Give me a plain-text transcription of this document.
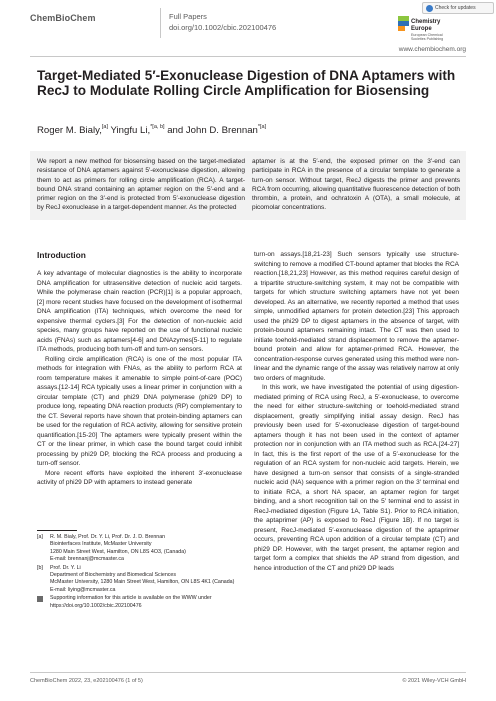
ChemBioChem	Full Papers
doi.org/10.1002/cbic.202100476
Check for updates
Chemistry
Europe
European Chemical
Societies Publishing
www.chembiochem.org
Target-Mediated 5′-Exonuclease Digestion of DNA Aptamers with RecJ to Modulate Rolling Circle Amplification for Biosensing
Roger M. Bialy,[a] Yingfu Li,$^{*[a, b]}$ and John D. Brennan$^{*[a]}$

We report a new method for biosensing based on the target-mediated resistance of DNA aptamers against 5′-exonuclease digestion, allowing them to act as primers for rolling circle amplification (RCA). A target-bound DNA strand containing an aptamer region on the 5′-end and a primer region on the 3′-end is protected from 5′-exonuclease digestion by RecJ exonuclease in a target-dependent manner. As the protected

aptamer is at the 5′-end, the exposed primer on the 3′-end can participate in RCA in the presence of a circular template to generate a turn-on sensor. Without target, RecJ digests the primer and prevents RCA from occurring, allowing quantitative fluorescence detection of both thrombin, a protein, and ochratoxin A (OTA), a small molecule, at picomolar concentrations.

Introduction

A key advantage of molecular diagnostics is the ability to incorporate DNA amplification for ultrasensitive detection of nucleic acid targets. While the polymerase chain reaction (PCR)[1] is a popular approach,[2] more recent studies have focused on the development of isothermal DNA amplification (ITA) techniques, which overcome the need for expensive thermal cyclers.[3] For the detection of non-nucleic acid species, many groups have reported on the use of functional nucleic acids (FNAs) such as aptamers[4-6] and DNAzymes[5-11] to regulate ITA methods, producing both turn-off and turn-on sensors.

Rolling circle amplification (RCA) is one of the most popular ITA methods for integration with FNAs, as the ability to perform RCA at room temperature makes it amenable to simple point-of-care (POC) assays.[12-14] RCA typically uses a linear primer in conjunction with a circular template (CT) and phi29 DNA polymerase (phi29 DP) to produce long, repeating DNA reaction products (RP) complementary to the CT. Several reports have shown that protein-binding aptamers can be used for the regulation of RCA activity, allowing for sensitive protein quantification.[15-20] The aptamers were typically present within the CT or the linear primer, in which case the bound target could inhibit processing by phi29 DP, blocking the RCA process and producing a turn-off sensor.

More recent efforts have exploited the inherent 3′-exonuclease activity of phi29 DP with aptamers to instead generate

turn-on assays.[18,21-23] Such sensors typically use structure-switching to remove a modified CT-bound aptamer that blocks the RCA reaction.[18,21,23] However, as this method requires careful design of a tripartite structure-switching system, it may not be compatible with targets for which structure switching aptamers have not yet been developed. As an alternative, we recently reported a method that uses simple, unmodified aptamers for protein detection.[23] This approach used the phi29 DP to digest aptamers in the absence of target, with protein-bound aptamers remaining intact. The CT was then used to initiate toehold-mediated strand displacement to remove the aptamer-bound protein and allow for aptamer-primed RCA. However, the concentration-response curves generated using this method were non-linear and the dynamic range of the assay was relatively narrow at only two orders of magnitude.

In this work, we have investigated the potential of using digestion-mediated priming of RCA using RecJ, a 5′-exonuclease, to overcome the need for either structure-switching or toehold-mediated strand displacement, greatly simplifying initial assay design. RecJ has previously been used for 5′-exonuclease digestion of target-bound aptamers though it has not been used in the context of aptamer protection nor in conjunction with an ITA method such as RCA.[24-27] In fact, this is the first report of the use of a 5′-exonuclease for the regulation of an RCA system for non-nucleic acid targets. Herein, we have designed a turn-on sensor that consists of a single-stranded nucleic acid (NA) sequence with a primer region on the 3′ terminal end to initiate RCA, a short NA spacer, an aptamer region for target binding, and a short recognition tail on the 5′ terminal end to assist in RecJ-mediated digestion (Figure 1A, Table S1). Prior to RCA initiation, the aptaprimer (AP) is exposed to RecJ (Figure 1B). If no target is present, RecJ-mediated 5′-exonuclease digestion of the aptaprimer occurs, preventing RCA upon addition of a circular template (CT) and phi29 DP. However, with the target present, the aptamer region and target form a complex that shields the AP strand from digestion, and hence introduction of the CT and phi29 DP leads

[a]	R. M. Bialy, Prof. Dr. Y. Li, Prof. Dr. J. D. Brennan
Biointerfaces Institute, McMaster University
1280 Main Street West, Hamilton, ON L8S 4O3, (Canada)
E-mail: brennanj@mcmaster.ca
[b]	Prof. Dr. Y. Li
Department of Biochemistry and Biomedical Sciences
McMaster University, 1280 Main Street West, Hamilton, ON L8S 4K1 (Canada)
E-mail: liying@mcmaster.ca
Supporting information for this article is available on the WWW under https://doi.org/10.1002/cbic.202100476
ChemBioChem 2022, 23, e202100476 (1 of 5)	© 2021 Wiley-VCH GmbH
